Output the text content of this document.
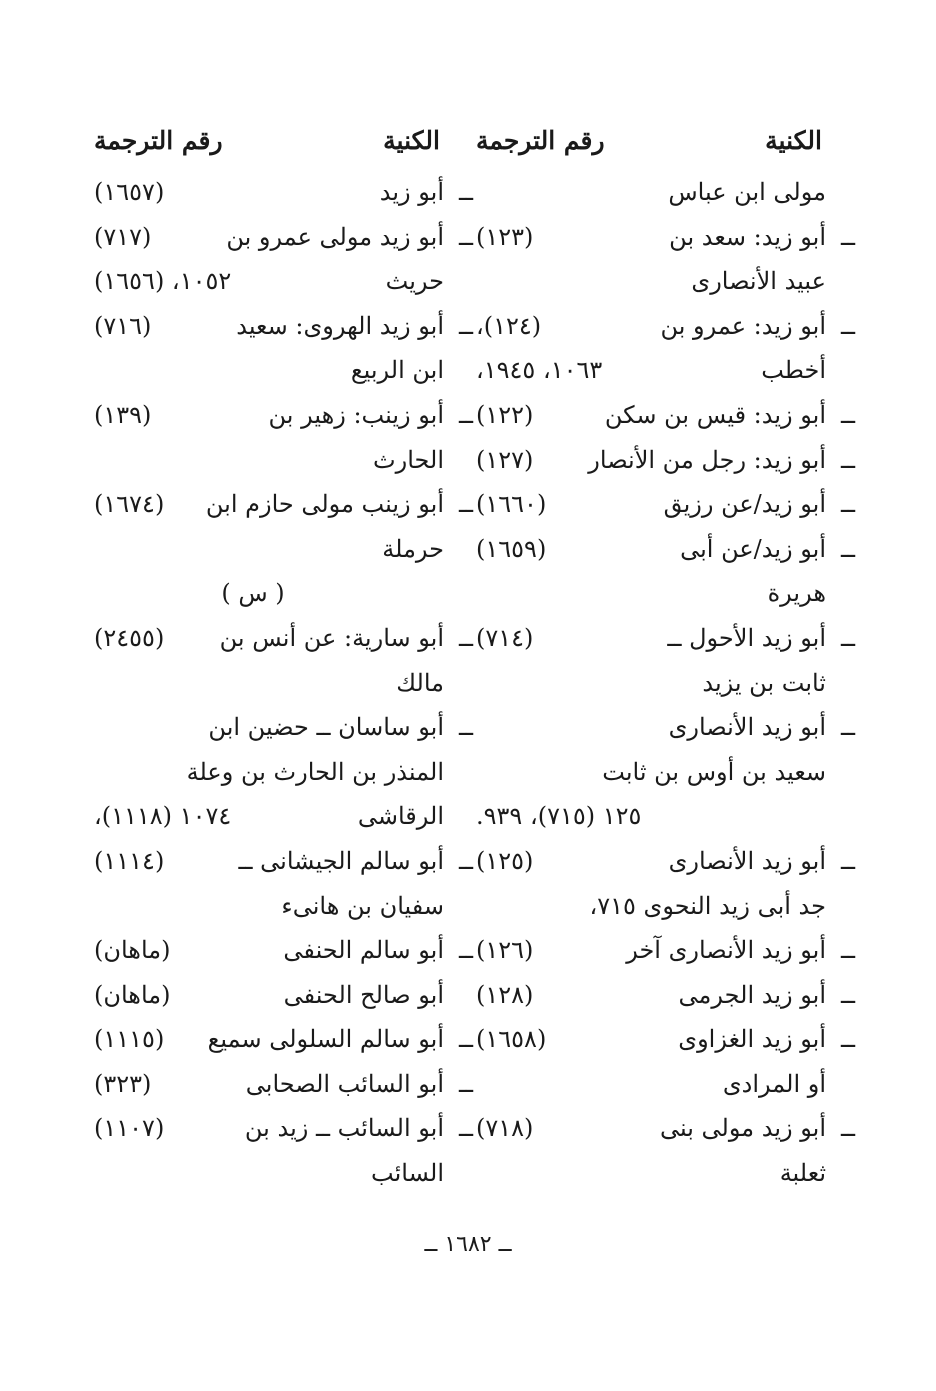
الكنية
رقم الترجمة
مولى ابن عباس
ــ
أبو زيد: سعد بن
(١٢٣)
عبيد الأنصارى
ــ
أبو زيد: عمرو بن
(١٢٤)،
أخطب
١٠٦٣، ١٩٤٥،
ــ
أبو زيد: قيس بن سكن
(١٢٢)
ــ
أبو زيد: رجل من الأنصار
(١٢٧)
ــ
أبو زيد/عن رزيق
(١٦٦٠)
ــ
أبو زيد/عن أبى
(١٦٥٩)
هريرة
ــ
أبو زيد الأحول ــ
(٧١٤)
ثابت بن يزيد
ــ
أبو زيد الأنصارى
سعيد بن أوس بن ثابت
١٢٥ (٧١٥)، ٩٣٩.
ــ
أبو زيد الأنصارى
(١٢٥)
جد أبى زيد النحوى ٧١٥،
ــ
أبو زيد الأنصارى آخر
(١٢٦)
ــ
أبو زيد الجرمى
(١٢٨)
ــ
أبو زيد الغزاوى
(١٦٥٨)
أو المرادى
ــ
أبو زيد مولى بنى
(٧١٨)
ثعلبة
الكنية
رقم الترجمة
ــ
أبو زيد
(١٦٥٧)
ــ
أبو زيد مولى عمرو بن
(٧١٧)
حريث
١٠٥٢، (١٦٥٦)
ــ
أبو زيد الهروى: سعيد
(٧١٦)
ابن الربيع
ــ
أبو زينب: زهير بن
(١٣٩)
الحارث
ــ
أبو زينب مولى حازم ابن
(١٦٧٤)
حرملة
( س )
ــ
أبو سارية: عن أنس بن
(٢٤٥٥)
مالك
ــ
أبو ساسان ــ حضين ابن
المنذر بن الحارث بن وعلة
الرقاشى
١٠٧٤ (١١١٨)،
ــ
أبو سالم الجيشانى ــ
(١١١٤)
سفيان بن هانىء
ــ
أبو سالم الحنفى
(ماهان)
أبو صالح الحنفى
(ماهان)
ــ
أبو سالم السلولى سميع
(١١١٥)
ــ
أبو السائب الصحابى
(٣٢٣)
ــ
أبو السائب ــ زيد بن
(١١٠٧)
السائب
ــ ١٦٨٢ ــ
